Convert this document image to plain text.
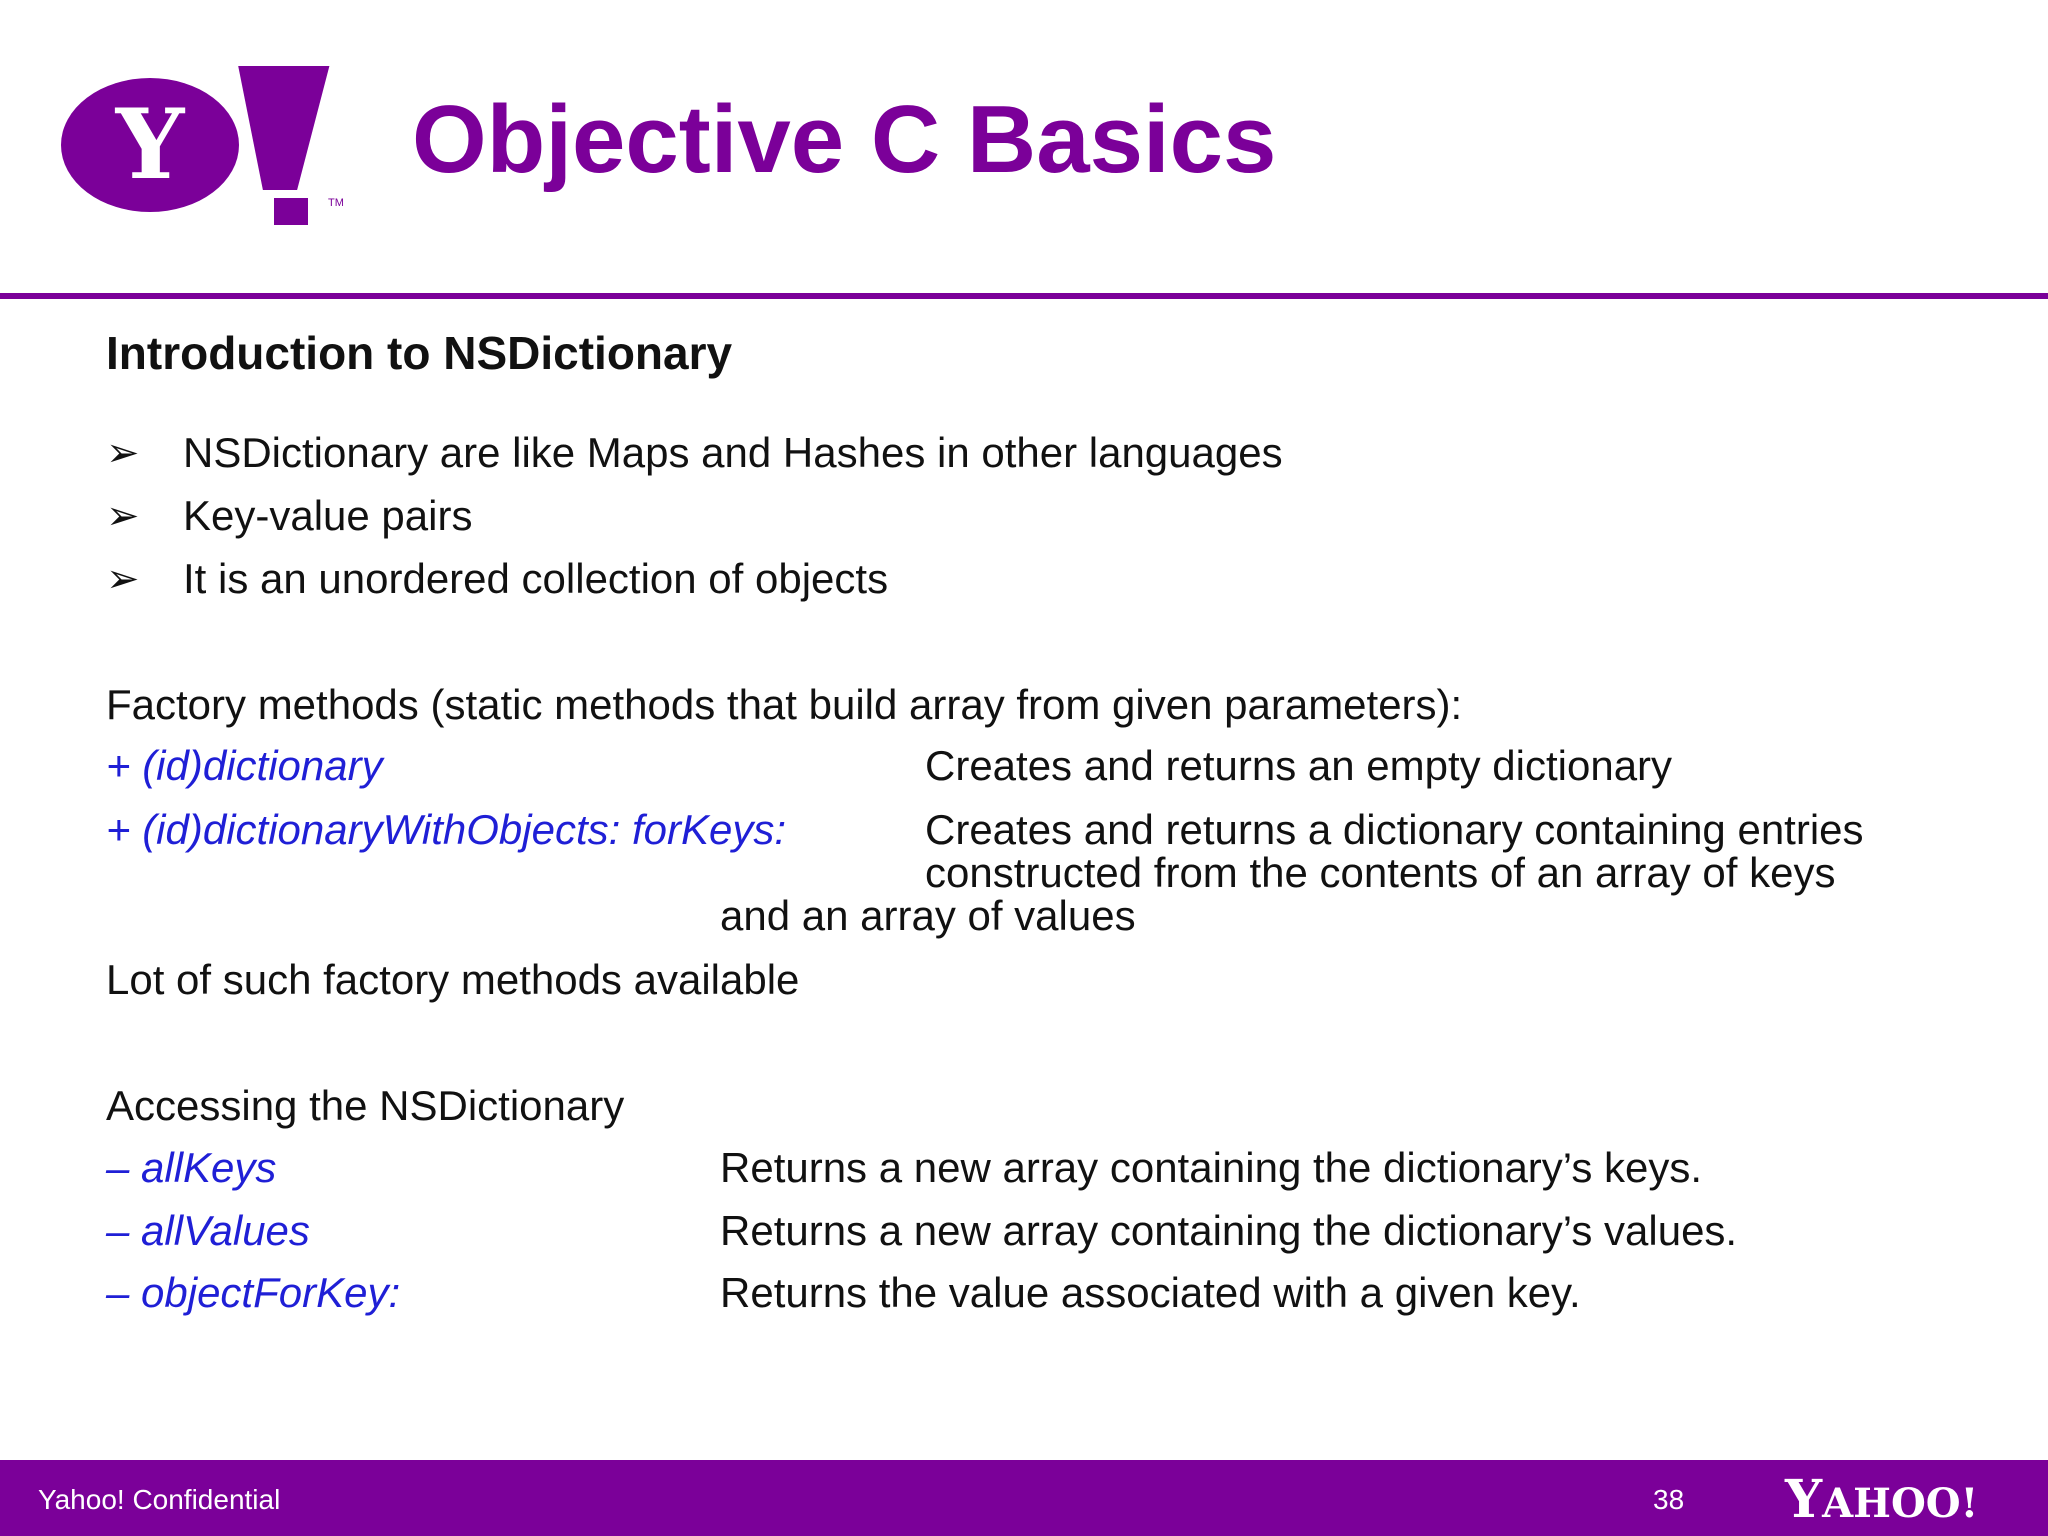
Y
TM
Objective C Basics
Introduction to NSDictionary
➢ NSDictionary are like Maps and Hashes in other languages
➢ Key-value pairs
➢ It is an unordered collection of objects
Factory methods (static methods that build array from given parameters):
+ (id)dictionary	Creates and returns an empty dictionary
+ (id)dictionaryWithObjects: forKeys:	Creates and returns a dictionary containing entries
constructed from the contents of an array of keys
and an array of values
Lot of such factory methods available
Accessing the NSDictionary
– allKeys	Returns a new array containing the dictionary’s keys.
– allValues	Returns a new array containing the dictionary’s values.
– objectForKey:	Returns the value associated with a given key.
Yahoo! Confidential	38 YAHOO!
